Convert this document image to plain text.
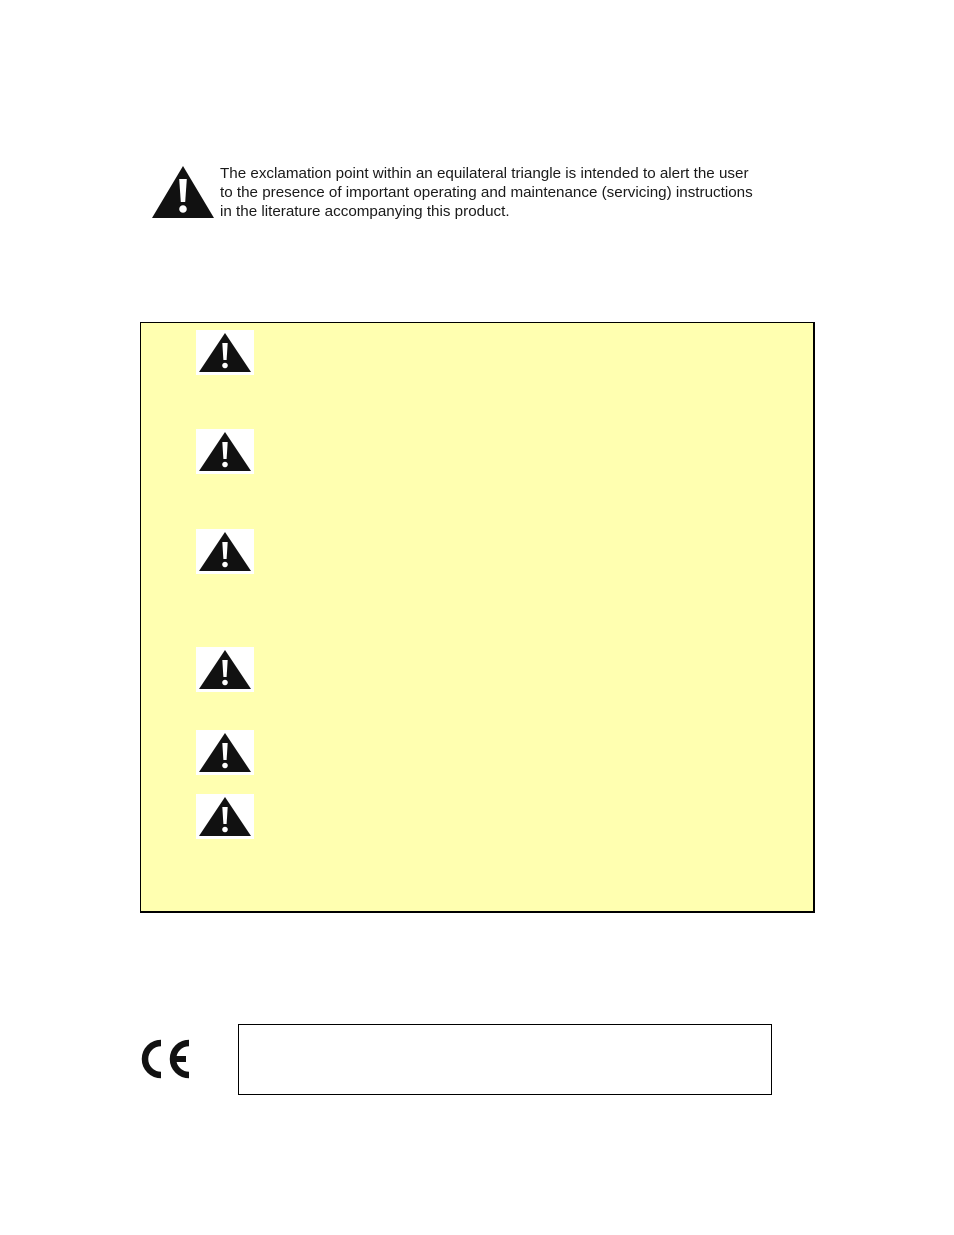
The exclamation point within an equilateral triangle is intended to alert the user
to the presence of important operating and maintenance (servicing) instructions
in the literature accompanying this product.
